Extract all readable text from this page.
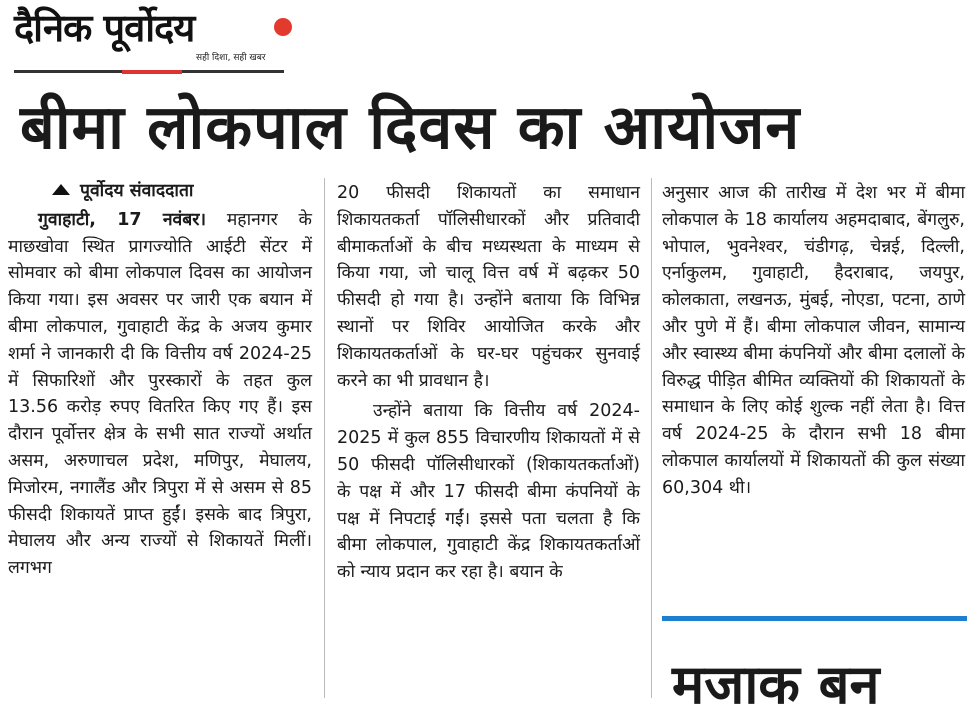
दैनिक पूर्वोदय
सही दिशा, सही खबर
बीमा लोकपाल दिवस का आयोजन

पूर्वोदय संवाददाता

गुवाहाटी, 17 नवंबर। महानगर के माछखोवा स्थित प्रागज्योति आईटी सेंटर में सोमवार को बीमा लोकपाल दिवस का आयोजन किया गया। इस अवसर पर जारी एक बयान में बीमा लोकपाल, गुवाहाटी केंद्र के अजय कुमार शर्मा ने जानकारी दी कि वित्तीय वर्ष 2024-25 में सिफारिशों और पुरस्कारों के तहत कुल 13.56 करोड़ रुपए वितरित किए गए हैं। इस दौरान पूर्वोत्तर क्षेत्र के सभी सात राज्यों अर्थात असम, अरुणाचल प्रदेश, मणिपुर, मेघालय, मिजोरम, नगालैंड और त्रिपुरा में से असम से 85 फीसदी शिकायतें प्राप्त हुईं। इसके बाद त्रिपुरा, मेघालय और अन्य राज्यों से शिकायतें मिलीं। लगभग

20 फीसदी शिकायतों का समाधान शिकायतकर्ता पॉलिसीधारकों और प्रतिवादी बीमाकर्ताओं के बीच मध्यस्थता के माध्यम से किया गया, जो चालू वित्त वर्ष में बढ़कर 50 फीसदी हो गया है। उन्होंने बताया कि विभिन्न स्थानों पर शिविर आयोजित करके और शिकायतकर्ताओं के घर-घर पहुंचकर सुनवाई करने का भी प्रावधान है।

उन्होंने बताया कि वित्तीय वर्ष 2024-2025 में कुल 855 विचारणीय शिकायतों में से 50 फीसदी पॉलिसीधारकों (शिकायतकर्ताओं) के पक्ष में और 17 फीसदी बीमा कंपनियों के पक्ष में निपटाई गईं। इससे पता चलता है कि बीमा लोकपाल, गुवाहाटी केंद्र शिकायतकर्ताओं को न्याय प्रदान कर रहा है। बयान के

अनुसार आज की तारीख में देश भर में बीमा लोकपाल के 18 कार्यालय अहमदाबाद, बेंगलुरु, भोपाल, भुवनेश्वर, चंडीगढ़, चेन्नई, दिल्ली, एर्नाकुलम, गुवाहाटी, हैदराबाद, जयपुर, कोलकाता, लखनऊ, मुंबई, नोएडा, पटना, ठाणे और पुणे में हैं। बीमा लोकपाल जीवन, सामान्य और स्वास्थ्य बीमा कंपनियों और बीमा दलालों के विरुद्ध पीड़ित बीमित व्यक्तियों की शिकायतों के समाधान के लिए कोई शुल्क नहीं लेता है। वित्त वर्ष 2024-25 के दौरान सभी 18 बीमा लोकपाल कार्यालयों में शिकायतों की कुल संख्या 60,304 थी।

मजाक बन
